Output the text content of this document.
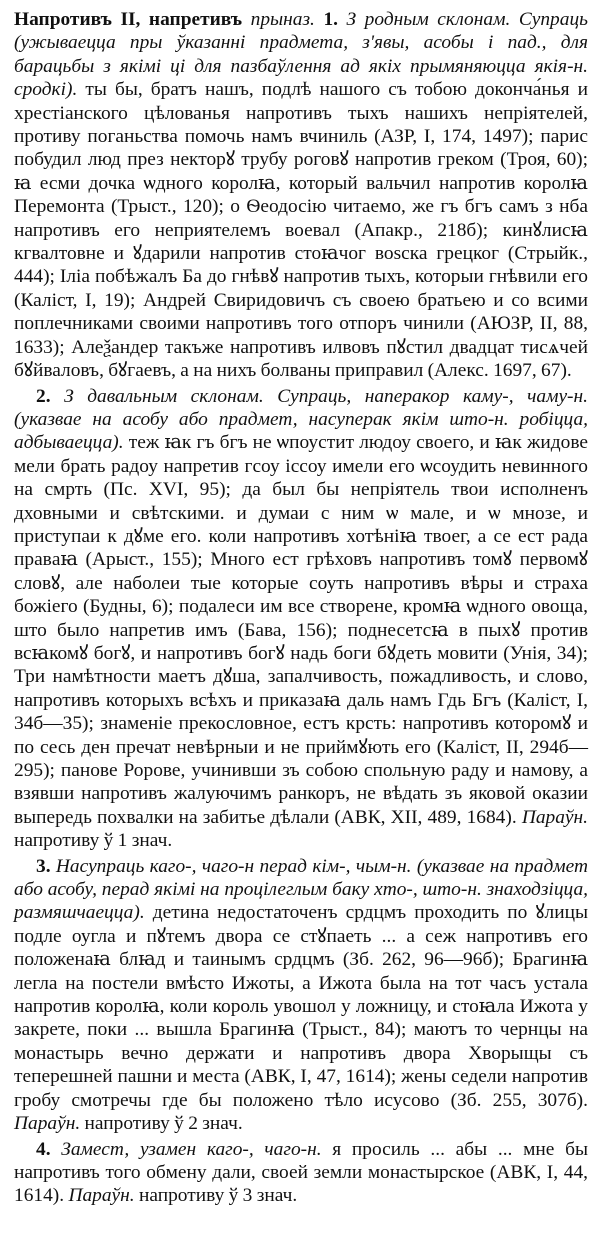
Напротивъ II, напретивъ прыназ. 1. З родным склонам. Супраць (ужываецца пры ўказанні прадмета, з'явы, асобы і пад., для барацьбы з якімі ці для пазбаўлення ад якіх прымяняюцца якія-н. сродкі). ты бы, братъ нашъ, подлѣ нашого съ тобою доконча́нья и хрестіанского цѣлованья напротивъ тыхъ нашихъ непріятелей, противу поганьства помочь намъ вчиниль (АЗР, I, 174, 1497); парис побудил люд през некторꙋ трубу роговꙋ напротив греком (Троя, 60); ꙗ есми дочка ѡдного королꙗ, который вальчил напротив королꙗ Перемонта (Трыст., 120); о Ѳеодосію читаемо, же гъ бгъ самъ з нба напротивъ его неприятелемъ воевал (Апакр., 218б); кинꙋлисꙗ кгвалтовне и ꙋдарили напротив стоꙗчог воѕска грецког (Стрыйк., 444); Іліа побѣжалъ Ба до гнѣвꙋ напротив тыхъ, которыи гнѣвили его (Каліст, I, 19); Андрей Свиридовичъ съ своею братьею и со всими поплечниками своими напротивъ того отпоръ чинили (АЮЗР, II, 88, 1633); Алеѯандер такъже напротивъ илвовъ пꙋстил двадцат тисѧчей бꙋйваловъ, бꙋгаевъ, а на нихъ болваны приправил (Алекс. 1697, 67).

2. З давальным склонам. Супраць, наперакор каму-, чаму-н. (указвае на асобу або прадмет, насуперак якім што-н. робіцца, адбываецца). теж ꙗк гъ бгъ не ѡпоустит людоу своего, и ꙗк жидове мели брать радоу напретив гсоу іссоу имели его ѡсоудить невинного на смрть (Пс. XVI, 95); да был бы непріятель твои исполненъ дховными и свѣтскими. и думаи с ним ѡ мале, и ѡ мнозе, и приступаи к дꙋме его. коли напротивъ хотѣнiꙗ твоег, а се ест рада правaꙗ (Арыст., 155); Много ест грѣховъ напротивъ томꙋ первомꙋ словꙋ, але наболеи тые которые соуть напротивъ вѣры и страха божіего (Будны, 6); подалеси им все створене, кромꙗ ѡдного овоща, што было напретив имъ (Бава, 156); поднесетсꙗ в пыхꙋ против всꙗкомꙋ богꙋ, и напротивъ богꙋ надь боги бꙋдеть мовити (Унія, 34); Три намѣтности маетъ дꙋша, запалчивость, пожадливость, и слово, напротивъ которыхъ всѣхъ и приказаꙗ даль намъ Гдь Бгъ (Каліст, I, 34б—35); знаменіе прекословное, естъ крсть: напротивъ которомꙋ и по сесь ден пречат невѣрныи и не приймꙋють его (Каліст, II, 294б—295); панове Ророве, учинивши зъ собою спольную раду и намову, а взявши напротивъ жалуючимъ ранкоръ, не вѣдать зъ яковой оказии выпередь похвалки на забитье дѣлали (АВК, XII, 489, 1684). Параўн. напротиву ў 1 знач.

3. Насупраць каго-, чаго-н перад кім-, чым-н. (указвае на прадмет або асобу, перад якімі на процілеглым баку хто-, што-н. знаходзіцца, размяшчаецца). детина недостаточенъ срдцмъ проходить по ꙋлицы подле оугла и пꙋтемъ двора се стꙋпаеть ... а сеж напротивъ его положенаꙗ блꙗд и таинымъ срдцмъ (Зб. 262, 96—96б); Брагинꙗ легла на постели вмѣсто Ижоты, а Ижота была на тот часъ устала напротив королꙗ, коли король увошол у ложницу, и стоꙗла Ижота у закрете, поки ... вышла Брагинꙗ (Трыст., 84); маютъ то чернцы на монастырь вечно держати и напротивъ двора Хворыщы съ теперешней пашни и места (АВК, I, 47, 1614); жены седели напротив гробу смотречы где бы положено тѣло исусово (Зб. 255, 307б). Параўн. напротиву ў 2 знач.

4. Замест, узамен каго-, чаго-н. я просиль ... абы ... мне бы напротивъ того обмену дали, своей земли монастырское (АВК, I, 44, 1614). Параўн. напротиву ў 3 знач.
